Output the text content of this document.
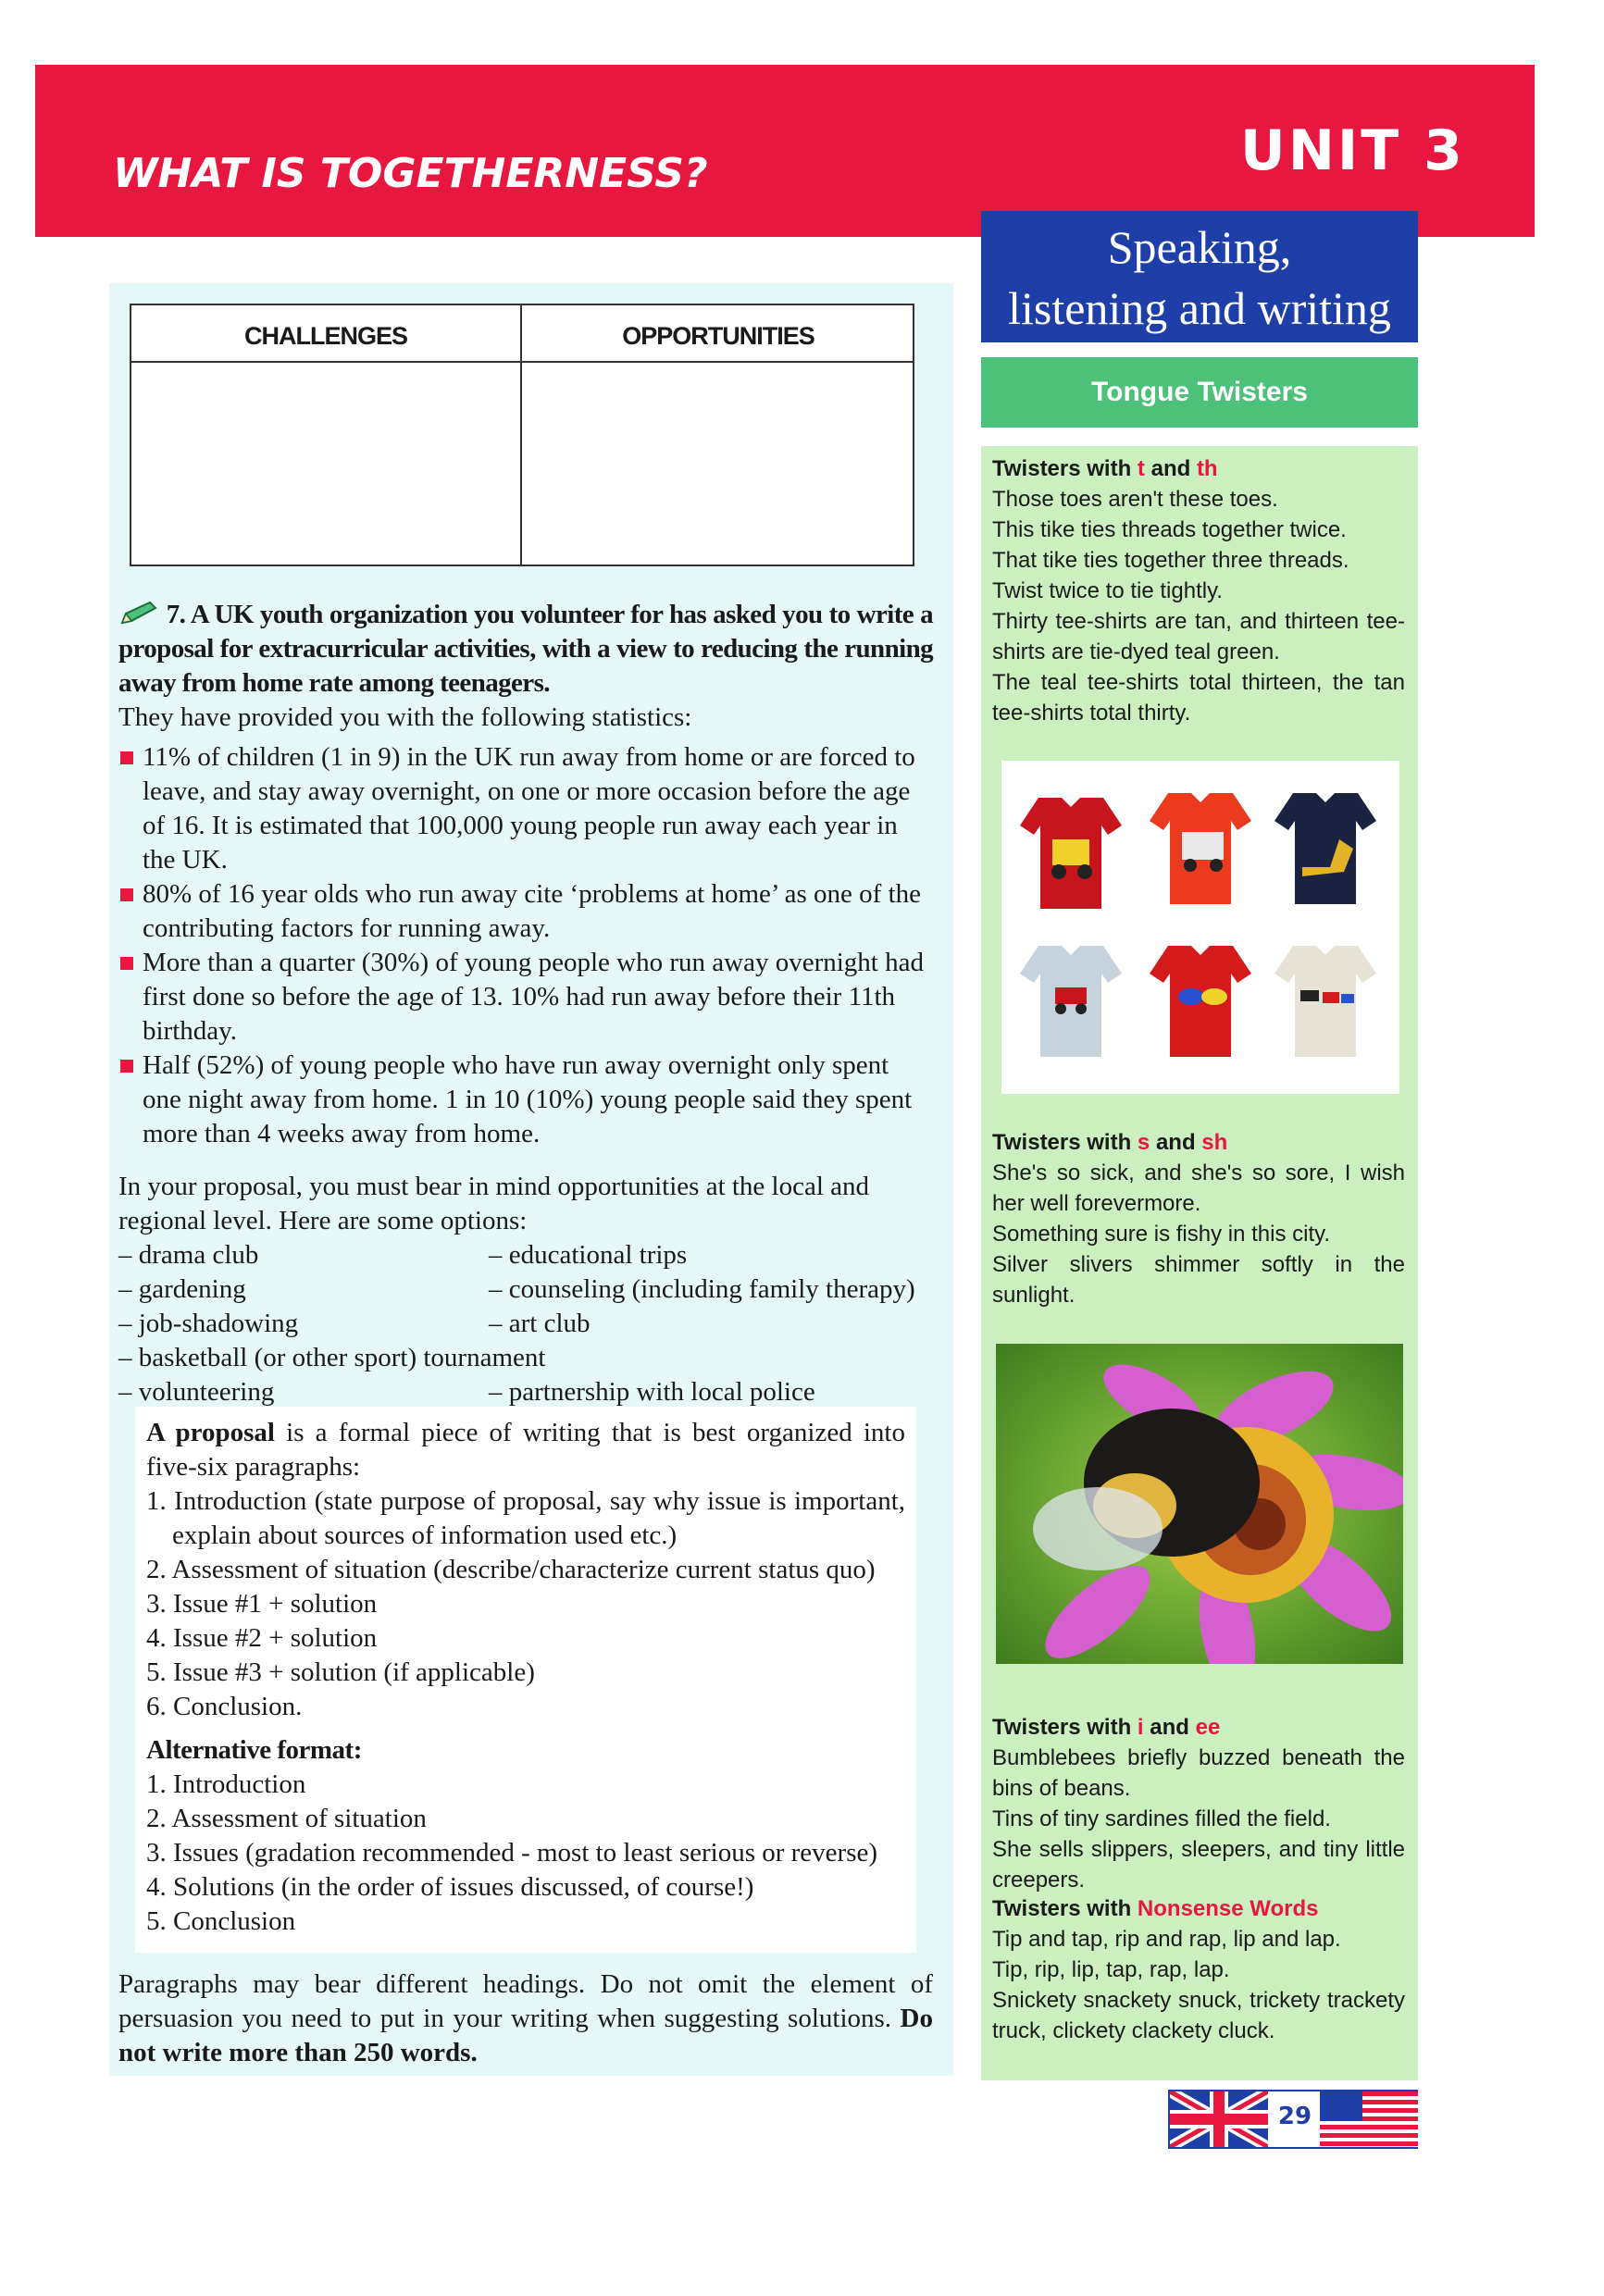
WHAT IS TOGETHERNESS?	UNIT 3
CHALLENGES	OPPORTUNITIES
7. A UK youth organization you volunteer for has asked you to write a proposal for extracurricular activities, with a view to reducing the running away from home rate among teenagers.
They have provided you with the following statistics:
11% of children (1 in 9) in the UK run away from home or are forced to leave, and stay away overnight, on one or more occasion before the age of 16. It is estimated that 100,000 young people run away each year in the UK.
80% of 16 year olds who run away cite ‘problems at home’ as one of the contributing factors for running away.
More than a quarter (30%) of young people who run away overnight had first done so before the age of 13. 10% had run away before their 11th birthday.
Half (52%) of young people who have run away overnight only spent one night away from home. 1 in 10 (10%) young people said they spent more than 4 weeks away from home.
In your proposal, you must bear in mind opportunities at the local and regional level. Here are some options:
– drama club	– educational trips
– gardening	– counseling (including family therapy)
– job-shadowing	– art club
– basketball (or other sport) tournament
– volunteering	– partnership with local police
A proposal is a formal piece of writing that is best organized into five-six paragraphs:
1. Introduction (state purpose of proposal, say why issue is important, explain about sources of information used etc.)
2. Assessment of situation (describe/characterize current status quo)
3. Issue #1 + solution
4. Issue #2 + solution
5. Issue #3 + solution (if applicable)
6. Conclusion.
Alternative format:
1. Introduction
2. Assessment of situation
3. Issues (gradation recommended - most to least serious or reverse)
4. Solutions (in the order of issues discussed, of course!)
5. Conclusion
Paragraphs may bear different headings. Do not omit the element of persuasion you need to put in your writing when suggesting solutions. Do not write more than 250 words.
Speaking,
listening and writing
Tongue Twisters
Twisters with t and th
Those toes aren't these toes.
This tike ties threads together twice.
That tike ties together three threads.
Twist twice to tie tightly.
Thirty tee-shirts are tan, and thirteen tee-shirts are tie-dyed teal green.
The teal tee-shirts total thirteen, the tan tee-shirts total thirty.
Twisters with s and sh
She's so sick, and she's so sore, I wish her well forevermore.
Something sure is fishy in this city.
Silver slivers shimmer softly in the sunlight.
Twisters with i and ee
Bumblebees briefly buzzed beneath the bins of beans.
Tins of tiny sardines filled the field.
She sells slippers, sleepers, and tiny little creepers.
Twisters with Nonsense Words
Tip and tap, rip and rap, lip and lap.
Tip, rip, lip, tap, rap, lap.
Snickety snackety snuck, trickety trackety truck, clickety clackety cluck.
29
